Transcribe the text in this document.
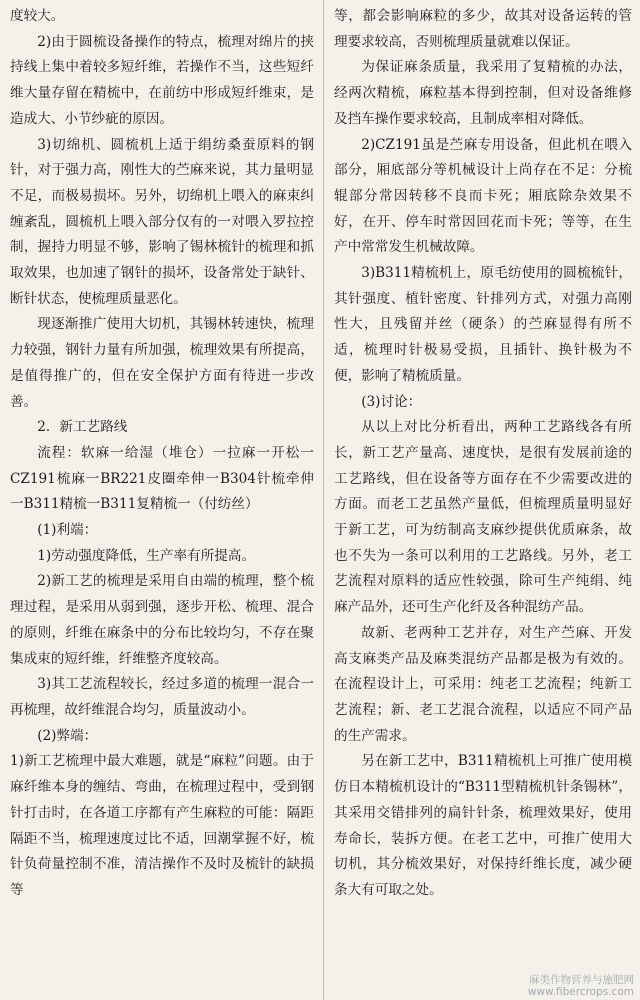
度较大。

2)由于圆梳设备操作的特点，梳理对绵片的挟持线上集中着较多短纤维，若操作不当，这些短纤维大量存留在精梳中，在前纺中形成短纤维束，是造成大、小节纱疵的原因。

3)切绵机、圆梳机上适于绢纺桑蚕原料的钢针，对于强力高，刚性大的苎麻来说，其力量明显不足，而极易损坏。另外，切绵机上喂入的麻束纠缠紊乱，圆梳机上喂入部分仅有的一对喂入罗拉控制，握持力明显不够，影响了锡林梳针的梳理和抓取效果，也加速了钢针的损坏，设备常处于缺针、断针状态，使梳理质量恶化。

现逐渐推广使用大切机，其锡林转速快，梳理力较强，钢针力量有所加强，梳理效果有所提高，是值得推广的，但在安全保护方面有待进一步改善。

2．新工艺路线

流程：软麻一给湿（堆仓）一拉麻一开松一CZ191梳麻一BR221皮圈牵伸一B304针梳牵伸一B311精梳一B311复精梳一（付纺丝）

(1)利端：

1)劳动强度降低，生产率有所提高。

2)新工艺的梳理是采用自由端的梳理，整个梳理过程，是采用从弱到强，逐步开松、梳理、混合的原则，纤维在麻条中的分布比较均匀，不存在聚集成束的短纤维，纤维整齐度较高。

3)其工艺流程较长，经过多道的梳理一混合一再梳理，故纤维混合均匀，质量波动小。

(2)弊端：

1)新工艺梳理中最大难题，就是“麻粒”问题。由于麻纤维本身的缠结、弯曲，在梳理过程中，受到钢针打击时，在各道工序都有产生麻粒的可能：隔距隔距不当，梳理速度过比不适，回潮掌握不好，梳针负荷量控制不准，清洁操作不及时及梳针的缺损等

等，都会影响麻粒的多少，故其对设备运转的管理要求较高，否则梳理质量就难以保证。

为保证麻条质量，我采用了复精梳的办法，经两次精梳，麻粒基本得到控制，但对设备维修及挡车操作要求较高，且制成率相对降低。

2)CZ191虽是苎麻专用设备，但此机在喂入部分，厢底部分等机械设计上尚存在不足：分梳辊部分常因转移不良而卡死；厢底除杂效果不好，在开、停车时常因回花而卡死；等等，在生产中常常发生机械故障。

3)B311精梳机上，原毛纺使用的圆梳梳针，其针强度、植针密度、针排列方式，对强力高刚性大，且残留并丝（硬条）的苎麻显得有所不适，梳理时针极易受损，且插针、换针极为不便，影响了精梳质量。

(3)讨论：

从以上对比分析看出，两种工艺路线各有所长，新工艺产量高、速度快，是很有发展前途的工艺路线，但在设备等方面存在不少需要改进的方面。而老工艺虽然产量低，但梳理质量明显好于新工艺，可为纺制高支麻纱提供优质麻条，故也不失为一条可以利用的工艺路线。另外，老工艺流程对原料的适应性较强，除可生产纯绢、纯麻产品外，还可生产化纤及各种混纺产品。

故新、老两种工艺并存，对生产苎麻、开发高支麻类产品及麻类混纺产品都是极为有效的。在流程设计上，可采用：纯老工艺流程；纯新工艺流程；新、老工艺混合流程，以适应不同产品的生产需求。

另在新工艺中，B311精梳机上可推广使用模仿日本精梳机设计的“B311型精梳机针条锡林”，其采用交错排列的扁针针条，梳理效果好，使用寿命长，装拆方便。在老工艺中，可推广使用大切机，其分梳效果好，对保持纤维长度，减少硬条大有可取之处。

麻类作物营养与施肥网
www.fibercrops.com
